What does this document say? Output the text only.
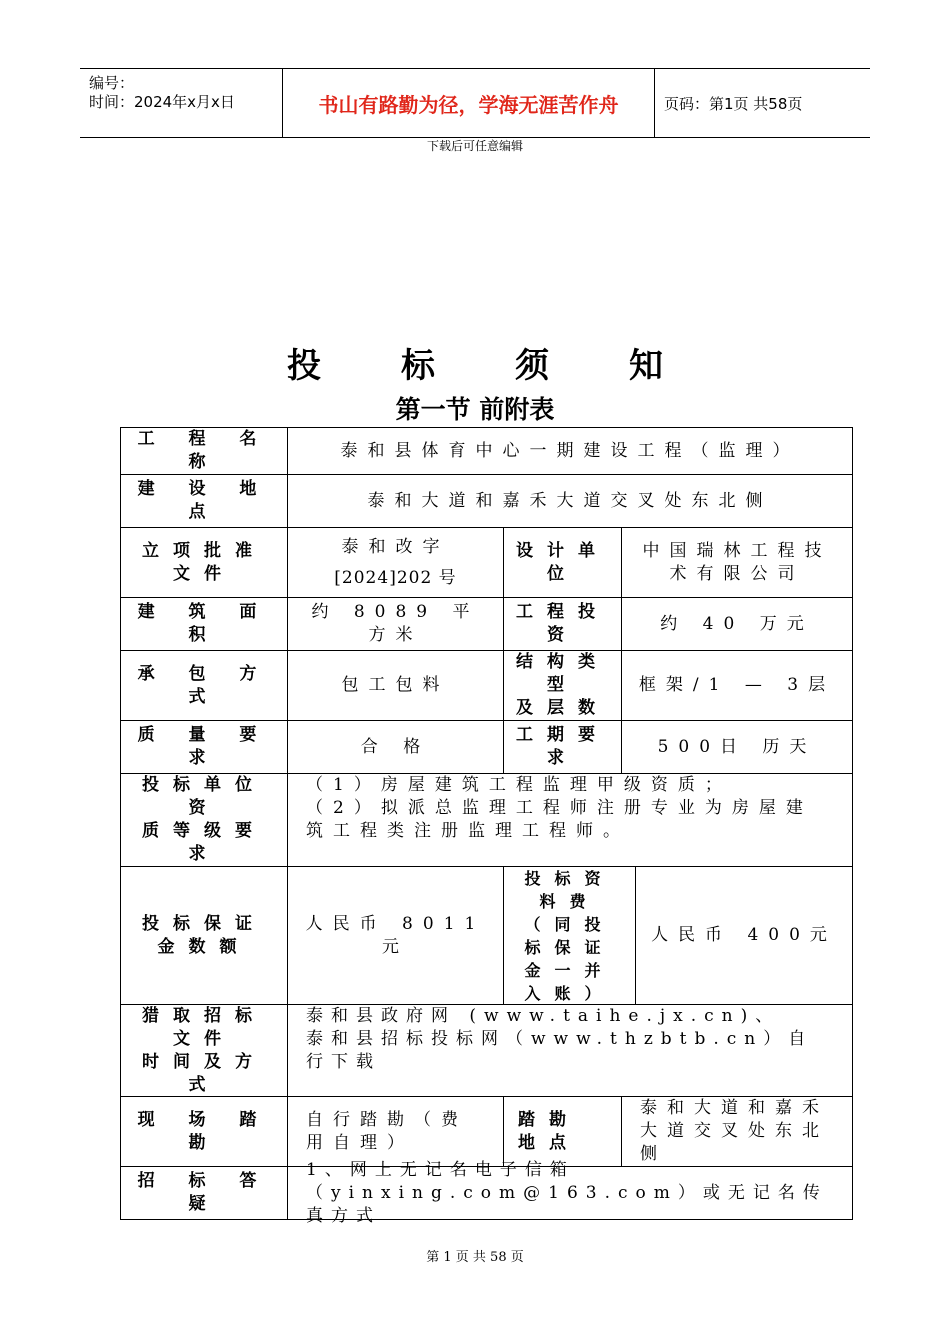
编号：
时间：2024年x月x日	书山有路勤为径，学海无涯苦作舟	页码：第1页 共58页
下载后可任意编辑
投 标 须 知
第一节 前附表
工 程 名 称
泰和县体育中心一期建设工程（监理）
建 设 地 点
泰和大道和嘉禾大道交叉处东北侧
立项批准文件
泰和改字
[2024]202 号
设计单位
中国瑞林工程技术有限公司
建 筑 面 积
约 8089 平方米
工程投资
约 40 万元
承 包 方 式
包工包料
结构类型
及层数
框架/1 — 3层
质 量 要 求
合 格
工期要求
500日 历天
投标单位资
质等级要求
（1）房屋建筑工程监理甲级资质；
（2）拟派总监理工程师注册专业为房屋建筑工程类注册监理工程师。
投标保证金数额
人民币 8011 元
投标资料费（同投标保证金一并入账）
人民币 400元
猎取招标文件
时间及方式
泰和县政府网 (www.taihe.jx.cn)、
泰和县招标投标网（www.thzbtb.cn）自行下载
现 场 踏 勘
自行踏勘（费用自理）
踏勘地点
泰和大道和嘉禾大道交叉处东北侧
招 标 答 疑
1、网上无记名电子信箱（yinxing.com@163.com）或无记名传真方式
第 1 页 共 58 页
